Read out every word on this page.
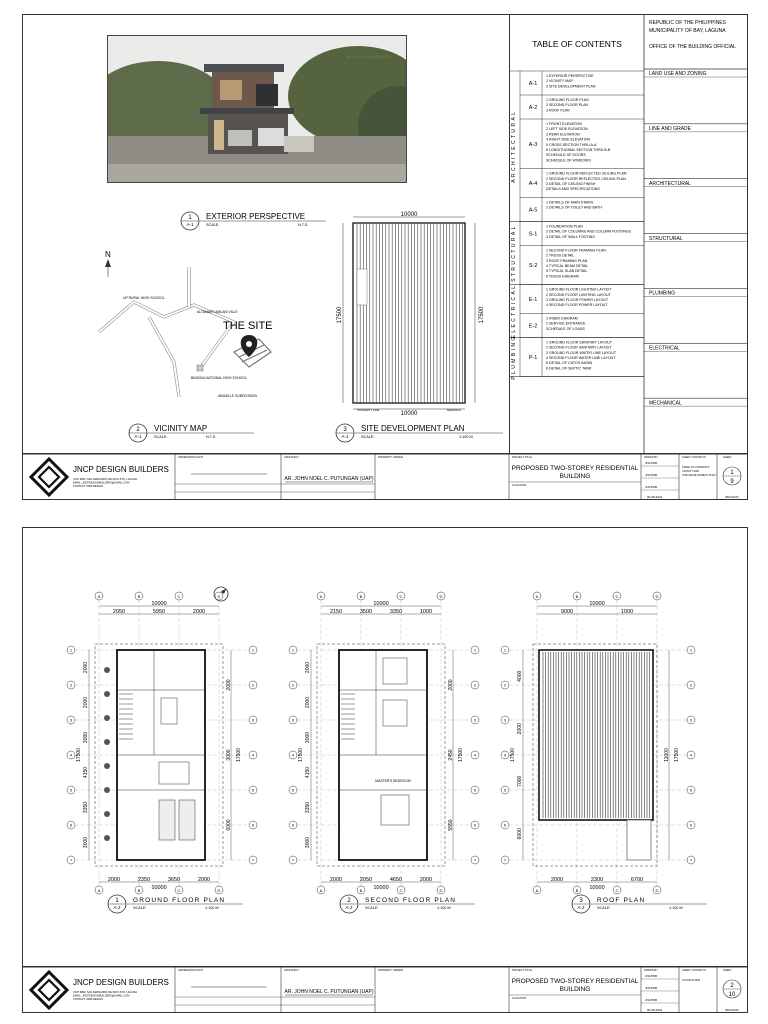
JNCP | DESIGN BUILDERS
1
A-1
EXTERIOR PERSPECTIVE
SCALE:	N.T.S.
N
UP RURAL HIGH SCHOOL
ALTAMART AMUAN VILLE
BINGSIA NATIONAL HIGH SCHOOL
ABASILLE SUBDIVISION
THE SITE
2
A-1
VICINITY MAP
SCALE:	N.T.S.
10000
17500	17500
10000
PROPERTY LINE	SIDEWALK
3
A-1
SITE DEVELOPMENT PLAN
SCALE:	1:100 M
TABLE OF CONTENTS
A-1
1 EXTERIOR PERSPECTIVE
2 VICINITY MAP
3 SITE DEVELOPMENT PLAN
A-2
1 GROUND FLOOR PLAN
2 SECOND FLOOR PLAN
3 ROOF PLAN
A-3
1 FRONT ELEVATION
2 LEFT SIDE ELEVATION
3 REAR ELEVATION
4 RIGHT SIDE ELEVATION
5 CROSS SECTION THRU A-A
6 LONGITUDINAL SECTION THRU B-B
SCHEDULE OF DOORS
SCHEDULE OF WINDOWS
A-4
1 GROUND FLOOR REFLECTED CEILING PLAN
2 SECOND FLOOR REFLECTED CEILING PLAN
3 DETAIL OF CEILING FINISH
DETAILS AND SPECIFICATIONS
A-5
1 DETAILS OF MAIN STAIRS
2 DETAILS OF TOILET AND BATH
ARCHITECTURAL
S-1
1 FOUNDATION PLAN
2 DETAIL OF COLUMNS AND COLUMN FOOTINGS
3 DETAIL OF WALL FOOTING
S-2
1 SECOND FLOOR FRAMING PLAN
2 TRUSS DETAIL
3 ROOF FRAMING PLAN
4 TYPICAL BEAM DETAIL
5 TYPICAL SLAB DETAIL
6 TRUSS DIAGRAM
STRUCTURAL
E-1
1 GROUND FLOOR LIGHTING LAYOUT
2 SECOND FLOOR LIGHTING LAYOUT
3 GROUND FLOOR POWER LAYOUT
4 SECOND FLOOR POWER LAYOUT
E-2
1 RISER DIAGRAM
2 SERVICE ENTRANCE
SCHEDULE OF LOADS
ELECTRICAL
P-1
1 GROUND FLOOR SANITARY LAYOUT
2 SECOND FLOOR SANITARY LAYOUT
3 GROUND FLOOR WATER LINE LAYOUT
4 SECOND FLOOR WATER LINE LAYOUT
5 DETAIL OF CATCH BASIN
6 DETAIL OF SEPTIC TANK
PLUMBING
REPUBLIC OF THE PHILIPPINES
MUNICIPALITY OF BAY, LAGUNA
OFFICE OF THE BUILDING OFFICIAL
LAND USE AND ZONING
LINE AND GRADE
ARCHITECTURAL
STRUCTURAL
PLUMBING
ELECTRICAL
MECHANICAL
JNCP DESIGN BUILDERS
UNIT 3800, SAN FERNANDO DE DIOS STO. LAGUNA
EMAIL: JNCPDESIGNBUILDERS@GMAIL.COM
CONTACT: 0996 DESIGN
OWNER/APPLICANT	ARCHITECT	PROPERTY OWNER	PROJECT TITLE	DRAWN BY	SHEET CONTENTS	SHEET
AR. JOHN NOEL C. PUTUNGAN (UAP)
PROPOSED TWO-STOREY RESIDENTIAL
BUILDING
LOCATION:
JNCPDB
JNCPDB
JNCPDB
06-08-2022
TABLE OF CONTENTS
VICINITY MAP
SITE DEVELOPMENT PLAN 1
9
REVISION
A
A
B
B
C
C
D
D
1	1
2	2
3	3
4	4
5	5
6	6
7	7
10000
2050	5950	2000
2000	2350	3650	2000
10000
2000
2000
3000
4150
3350
3000
17500
2000
3000
6000
17500
A
A
B
B
C
C
D
D
1	1
2	2
3	3
4	4
5	5
6	6
7	7
10000
2150	3500	3350	1000
2000	2050	4650	2000
10000
2000
2000
3000
4150
3350
3000
17500
2000
2450
5550
17500
MASTER'S BEDROOM
A
A
B
B
C
C
D
D
1	1
2	2
3	3
4	4
5	5
6	6
7	7
10000
9000	1000
2000	2300	6700
10000
4000
2000
7000
6000
17500	11000 17500
1
A-2
GROUND FLOOR PLAN
SCALE:	1:100 M
2
A-2
SECOND FLOOR PLAN
SCALE:	1:100 M
3
A-2
ROOF PLAN
SCALE:	1:100 M
JNCP DESIGN BUILDERS
UNIT 3800, SAN FERNANDO DE DIOS STO. LAGUNA
EMAIL: JNCPDESIGNBUILDERS@GMAIL.COM
CONTACT: 0996 DESIGN
OWNER/APPLICANT	ARCHITECT	PROPERTY OWNER	PROJECT TITLE	DRAWN BY	SHEET CONTENTS	SHEET
AR. JOHN NOEL C. PUTUNGAN (UAP)
PROPOSED TWO-STOREY RESIDENTIAL
BUILDING
LOCATION:
JNCPDB
JNCPDB
JNCPDB
06-08-2022
FLOOR PLANS
2
10
REVISION
